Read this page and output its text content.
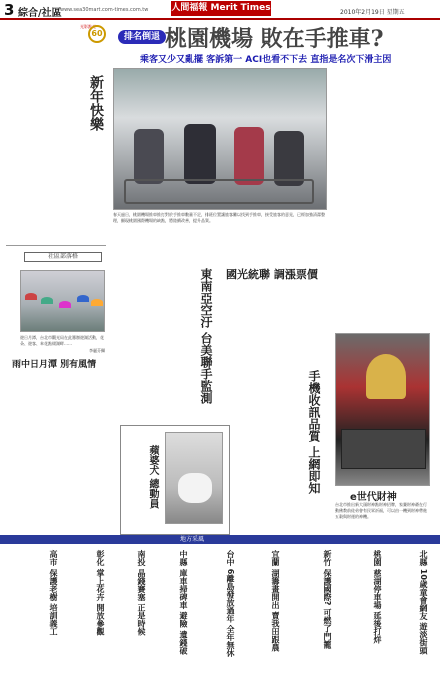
3 綜合/社區
www.sea30mart.com-times.com.tw	人間福報 Merit Times	2010年2月19日 星期五
光影點亮
60	排名倒退 桃園機場 敗在手推車?
乘客又少又亂擺 客訴第一 ACI也看不下去 直指是名次下滑主因
春天過日，桃園機場推車推打對於手推車數量不足，排班位置讓旅客難以找到手推車，接受旅客的意見，已經加強清潔整理，顯現桃園國際機場的缺點，將陸續改善，提升品質。
新年快樂
社區部落格
遊日月潭，台北市觀光局在此籌辦遊湖活動，花朵、遊客、傘花點綴湖畔……
李麗芬攝
雨中日月潭 別有風情	東南亞空汙 台美聯手監測 國光統聯 調漲票價
蘋婆犬 總動員	手機收訊品質 上網即知
e世代財神
台北市推出新大頭財神點財神招牌，家賽財神爺在行動佛教前徒弟會有民眾祈福，可以由一機到財神帶進五穀與財運的神機。
地方采風
北縣 10歲童會網友 遊淡街頭
桃園 慈湖停車場 延後打烊
新竹 保護國際? 可燃了門籠
宜蘭 湖籌畫開出 賣我田跟農
台中 6離島發放過年 全年無休
中縣 庫車掃碑車 避險 遺錢破
南投 晶錢賽塞 正是時候
彰化 掌上花卉 開放參觀
高市 保護老樹 培訓義工
